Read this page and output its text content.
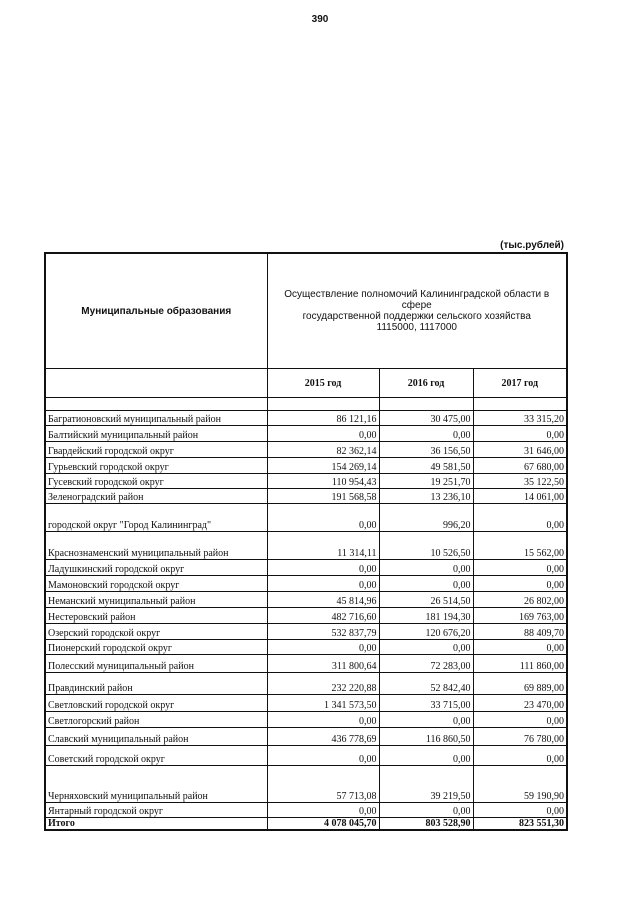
390
(тыс.рублей)
Муниципальные образования	Осуществление полномочий Калининградской области в сфере
государственной поддержки сельского хозяйства
1115000, 1117000		

	2015 год	2016 год	2017 год

Багратионовский муниципальный район	86 121,16	30 475,00	33 315,20
Балтийский муниципальный район	0,00	0,00	0,00
Гвардейский городской округ	82 362,14	36 156,50	31 646,00
Гурьевский городской округ	154 269,14	49 581,50	67 680,00
Гусевский городской округ	110 954,43	19 251,70	35 122,50
Зеленоградский район	191 568,58	13 236,10	14 061,00
городской округ "Город Калининград"	0,00	996,20	0,00
Краснознаменский муниципальный район	11 314,11	10 526,50	15 562,00
Ладушкинский городской округ	0,00	0,00	0,00
Мамоновский городской округ	0,00	0,00	0,00
Неманский муниципальный район	45 814,96	26 514,50	26 802,00
Нестеровский район	482 716,60	181 194,30	169 763,00
Озерский городской округ	532 837,79	120 676,20	88 409,70
Пионерский городской округ	0,00	0,00	0,00
Полесский муниципальный район	311 800,64	72 283,00	111 860,00
Правдинский район	232 220,88	52 842,40	69 889,00
Светловский городской округ	1 341 573,50	33 715,00	23 470,00
Светлогорский район	0,00	0,00	0,00
Славский муниципальный район	436 778,69	116 860,50	76 780,00
Советский городской округ	0,00	0,00	0,00
Черняховский муниципальный район	57 713,08	39 219,50	59 190,90
Янтарный городской округ	0,00	0,00	0,00
Итого	4 078 045,70	803 528,90	823 551,30
